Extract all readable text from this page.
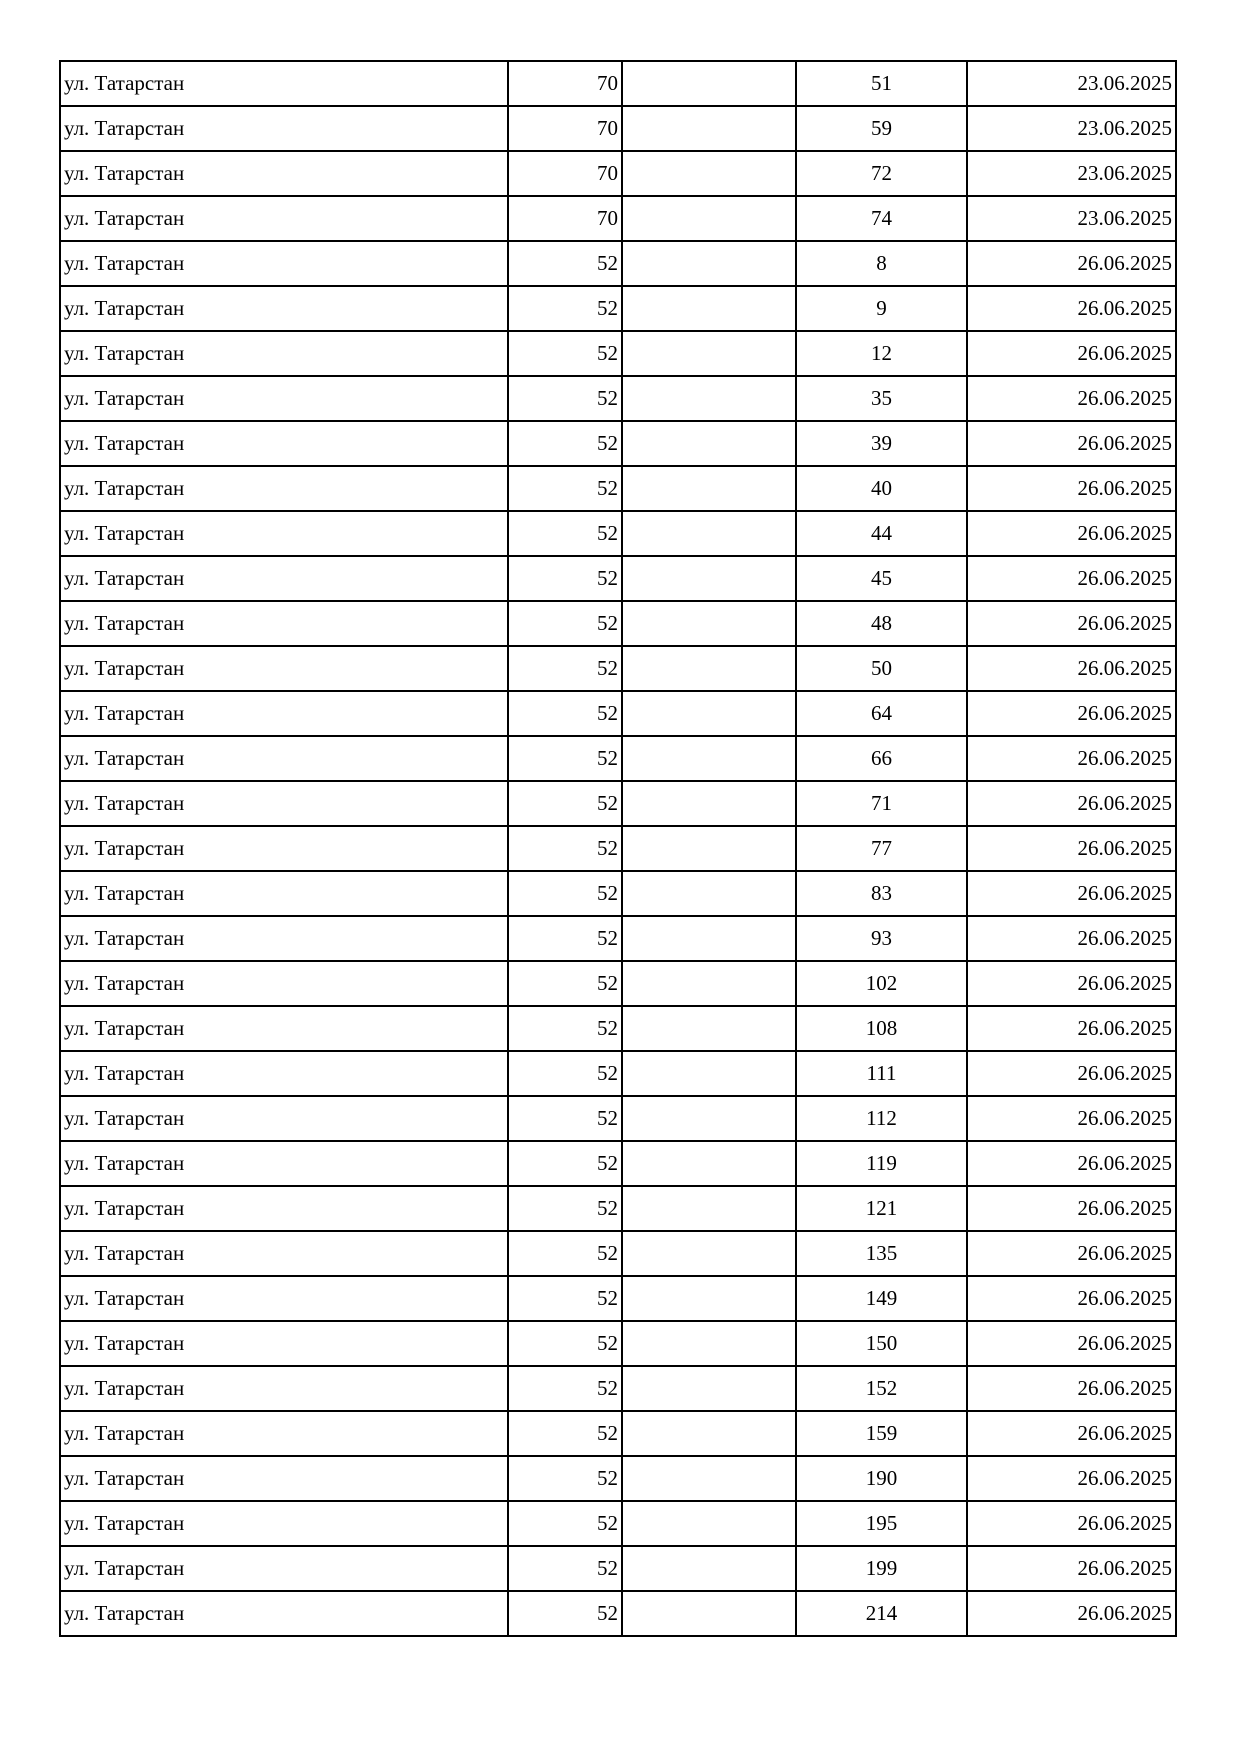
ул. Татарстан	70		51	23.06.2025
ул. Татарстан	70		59	23.06.2025
ул. Татарстан	70		72	23.06.2025
ул. Татарстан	70		74	23.06.2025
ул. Татарстан	52		8	26.06.2025
ул. Татарстан	52		9	26.06.2025
ул. Татарстан	52		12	26.06.2025
ул. Татарстан	52		35	26.06.2025
ул. Татарстан	52		39	26.06.2025
ул. Татарстан	52		40	26.06.2025
ул. Татарстан	52		44	26.06.2025
ул. Татарстан	52		45	26.06.2025
ул. Татарстан	52		48	26.06.2025
ул. Татарстан	52		50	26.06.2025
ул. Татарстан	52		64	26.06.2025
ул. Татарстан	52		66	26.06.2025
ул. Татарстан	52		71	26.06.2025
ул. Татарстан	52		77	26.06.2025
ул. Татарстан	52		83	26.06.2025
ул. Татарстан	52		93	26.06.2025
ул. Татарстан	52		102	26.06.2025
ул. Татарстан	52		108	26.06.2025
ул. Татарстан	52		111	26.06.2025
ул. Татарстан	52		112	26.06.2025
ул. Татарстан	52		119	26.06.2025
ул. Татарстан	52		121	26.06.2025
ул. Татарстан	52		135	26.06.2025
ул. Татарстан	52		149	26.06.2025
ул. Татарстан	52		150	26.06.2025
ул. Татарстан	52		152	26.06.2025
ул. Татарстан	52		159	26.06.2025
ул. Татарстан	52		190	26.06.2025
ул. Татарстан	52		195	26.06.2025
ул. Татарстан	52		199	26.06.2025
ул. Татарстан	52		214	26.06.2025
